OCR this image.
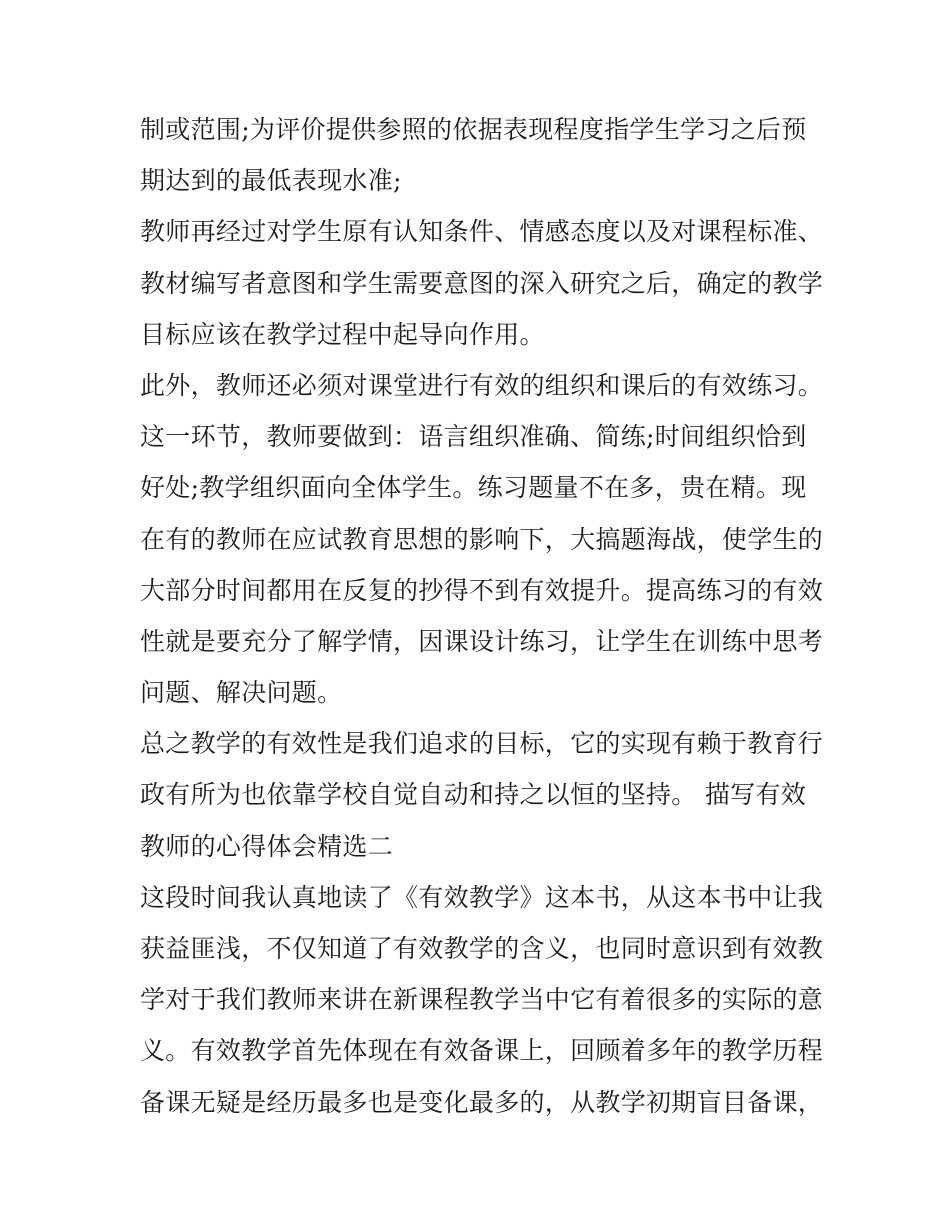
制或范围;为评价提供参照的依据表现程度指学生学习之后预
期达到的最低表现水准;
教师再经过对学生原有认知条件、情感态度以及对课程标准、
教材编写者意图和学生需要意图的深入研究之后，确定的教学
目标应该在教学过程中起导向作用。
此外，教师还必须对课堂进行有效的组织和课后的有效练习。
这一环节，教师要做到：语言组织准确、简练;时间组织恰到
好处;教学组织面向全体学生。练习题量不在多，贵在精。现
在有的教师在应试教育思想的影响下，大搞题海战，使学生的
大部分时间都用在反复的抄得不到有效提升。提高练习的有效
性就是要充分了解学情，因课设计练习，让学生在训练中思考
问题、解决问题。
总之教学的有效性是我们追求的目标，它的实现有赖于教育行
政有所为也依靠学校自觉自动和持之以恒的坚持。 描写有效
教师的心得体会精选二
这段时间我认真地读了《有效教学》这本书，从这本书中让我
获益匪浅，不仅知道了有效教学的含义，也同时意识到有效教
学对于我们教师来讲在新课程教学当中它有着很多的实际的意
义。有效教学首先体现在有效备课上，回顾着多年的教学历程
备课无疑是经历最多也是变化最多的，从教学初期盲目备课，
